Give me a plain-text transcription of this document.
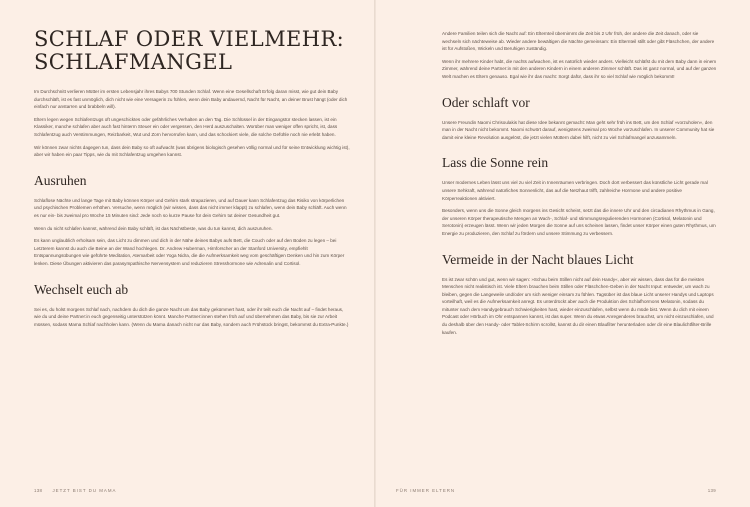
SCHLAF ODER VIELMEHR: SCHLAFMANGEL

Im Durchschnitt verlieren Mütter im ersten Lebensjahr ihres Babys 700 Stunden Schlaf. Wenn eine Gesellschaft Erfolg daran misst, wie gut dein Baby durchschläft, ist es fast unmöglich, dich nicht wie eine Versagerin zu fühlen, wenn dein Baby andauernd, Nacht für Nacht, an deiner Brust hängt (oder dich einfach nur anstarren und brabbeln will).

Eltern legen wegen Schlafentzugs oft ungeschicktes oder gefährliches Verhalten an den Tag. Die Schlüssel in der Eingangstür stecken lassen, ist ein Klassiker, manche schlafen aber auch fast hinterm Steuer ein oder vergessen, den Herd auszuschalten. Worüber man weniger offen spricht, ist, dass Schlafentzug auch Verstimmungen, Reizbarkeit, Wut und Zorn hervorrufen kann, und das schockiert viele, die solche Gefühle noch nie erlebt haben.

Wir können zwar nichts dagegen tun, dass dein Baby so oft aufwacht (was übrigens biologisch gesehen völlig normal und für seine Entwicklung wichtig ist), aber wir haben ein paar Tipps, wie du mit Schlafentzug umgehen kannst.

Ausruhen

Schlaflose Nächte und lange Tage mit Baby können Körper und Gehirn stark strapazieren, und auf Dauer kann Schlafentzug das Risiko von körperlichen und psychischen Problemen erhöhen. Versuche, wenn möglich (wir wissen, dass das nicht immer klappt) zu schlafen, wenn dein Baby schläft. Auch wenn es nur ein- bis zweimal pro Woche 15 Minuten sind: Jede noch so kurze Pause für dein Gehirn tut deiner Gesundheit gut.

Wenn du nicht schlafen kannst, während dein Baby schläft, ist das Nächstbeste, was du tun kannst, dich auszuruhen.

Es kann unglaublich erholsam sein, das Licht zu dimmen und dich in der Nähe deines Babys aufs Bett, die Couch oder auf den Boden zu legen – bei Letzterem kannst du auch die Beine an der Wand hochlegen. Dr. Andrew Huberman, Hirnforscher an der Stanford University, empfiehlt Entspannungsübungen wie geführte Meditation, Atemarbeit oder Yoga Nidra, die die Aufmerksamkeit weg vom geschäftigen Denken und hin zum Körper lenken. Diese Übungen aktivieren das parasympathische Nervensystem und reduzieren Stresshormone wie Adrenalin und Cortisol.

Wechselt euch ab

Sei es, du holst morgens Schlaf nach, nachdem du dich die ganze Nacht um das Baby gekümmert hast, oder ihr teilt euch die Nacht auf – findet heraus, wie du und deine Partner:in euch gegenseitig unterstützen könnt. Manche Partner:innen stehen früh auf und übernehmen das Baby, bis sie zur Arbeit müssen, sodass Mama Schlaf nachholen kann. (Wenn du Mama danach nicht nur das Baby, sondern auch Frühstück bringst, bekommst du Extra-Punkte.)

138 JETZT BIST DU MAMA

Andere Familien teilen sich die Nacht auf: Ein Elternteil übernimmt die Zeit bis 2 Uhr früh, der andere die Zeit danach, oder sie wechseln sich nächteweise ab. Wieder andere bewältigen die Nächte gemeinsam: Ein Elternteil stillt oder gibt Fläschchen, der andere ist für Aufstoßen, Wickeln und Beruhigen zuständig.

Wenn ihr mehrere Kinder habt, die nachts aufwachen, ist es natürlich wieder anders. Vielleicht schläfst du mit dem Baby dann in einem Zimmer, während deine Partner:in mit den anderen Kindern in einem anderen Zimmer schläft. Das ist ganz normal, und auf der ganzen Welt machen es Eltern genauso. Egal wie ihr das macht: Sorgt dafür, dass ihr so viel Schlaf wie möglich bekommt!

Oder schlaft vor

Unsere Freundin Naomi Chrisoulakis hat diese Idee bekannt gemacht: Man geht sehr früh ins Bett, um den Schlaf »vorzuholen«, den man in der Nacht nicht bekommt. Naomi schwört darauf, wenigstens zweimal pro Woche vorzuschlafen. In unserer Community hat sie damit eine kleine Revolution ausgelöst, die jetzt vielen Müttern dabei hilft, nicht zu viel Schlafmangel anzusammeln.

Lass die Sonne rein

Unser modernes Leben lässt uns viel zu viel Zeit in Innenräumen verbringen. Doch dort verbessert das künstliche Licht gerade mal unsere Sehkraft, während natürliches Sonnenlicht, das auf die Netzhaut trifft, zahlreiche Hormone und andere positive Körperreaktionen aktiviert.

Besonders, wenn uns die Sonne gleich morgens ins Gesicht scheint, setzt das die innere Uhr und den circadianen Rhythmus in Gang, der unseren Körper therapeutische Mengen an Wach-, Schlaf- und stimmungsregulierenden Hormonen (Cortisol, Melatonin und Serotonin) erzeugen lässt. Wenn wir jeden Morgen die Sonne auf uns scheinen lassen, findet unser Körper einen guten Rhythmus, um Energie zu produzieren, den Schlaf zu fördern und unsere Stimmung zu verbessern.

Vermeide in der Nacht blaues Licht

Es ist zwar schön und gut, wenn wir sagen: »Schau beim Stillen nicht auf dein Handy«, aber wir wissen, dass das für die meisten Menschen nicht realistisch ist. Viele Eltern brauchen beim Stillen oder Fläschchen-Geben in der Nacht Input: entweder, um wach zu bleiben, gegen die Langeweile und/oder um sich weniger einsam zu fühlen. Tagsüber ist das blaue Licht unserer Handys und Laptops vorteilhaft, weil es die Aufmerksamkeit anregt. Es unterdrückt aber auch die Produktion des Schlafhormons Melatonin, sodass du mitunter nach dem Handygebrauch Schwierigkeiten hast, wieder einzuschlafen, selbst wenn du müde bist. Wenn du dich mit einem Podcast oder Hörbuch im Ohr entspannen kannst, ist das super. Wenn du etwas Anregenderes brauchst, um nicht einzuschlafen, und du deshalb über den Handy- oder Tablet-Schirm scrollst, kannst du dir einen Blaufilter herunterladen oder dir eine Blaulichtfilter-Brille kaufen.

FÜR IMMER ELTERN	139
